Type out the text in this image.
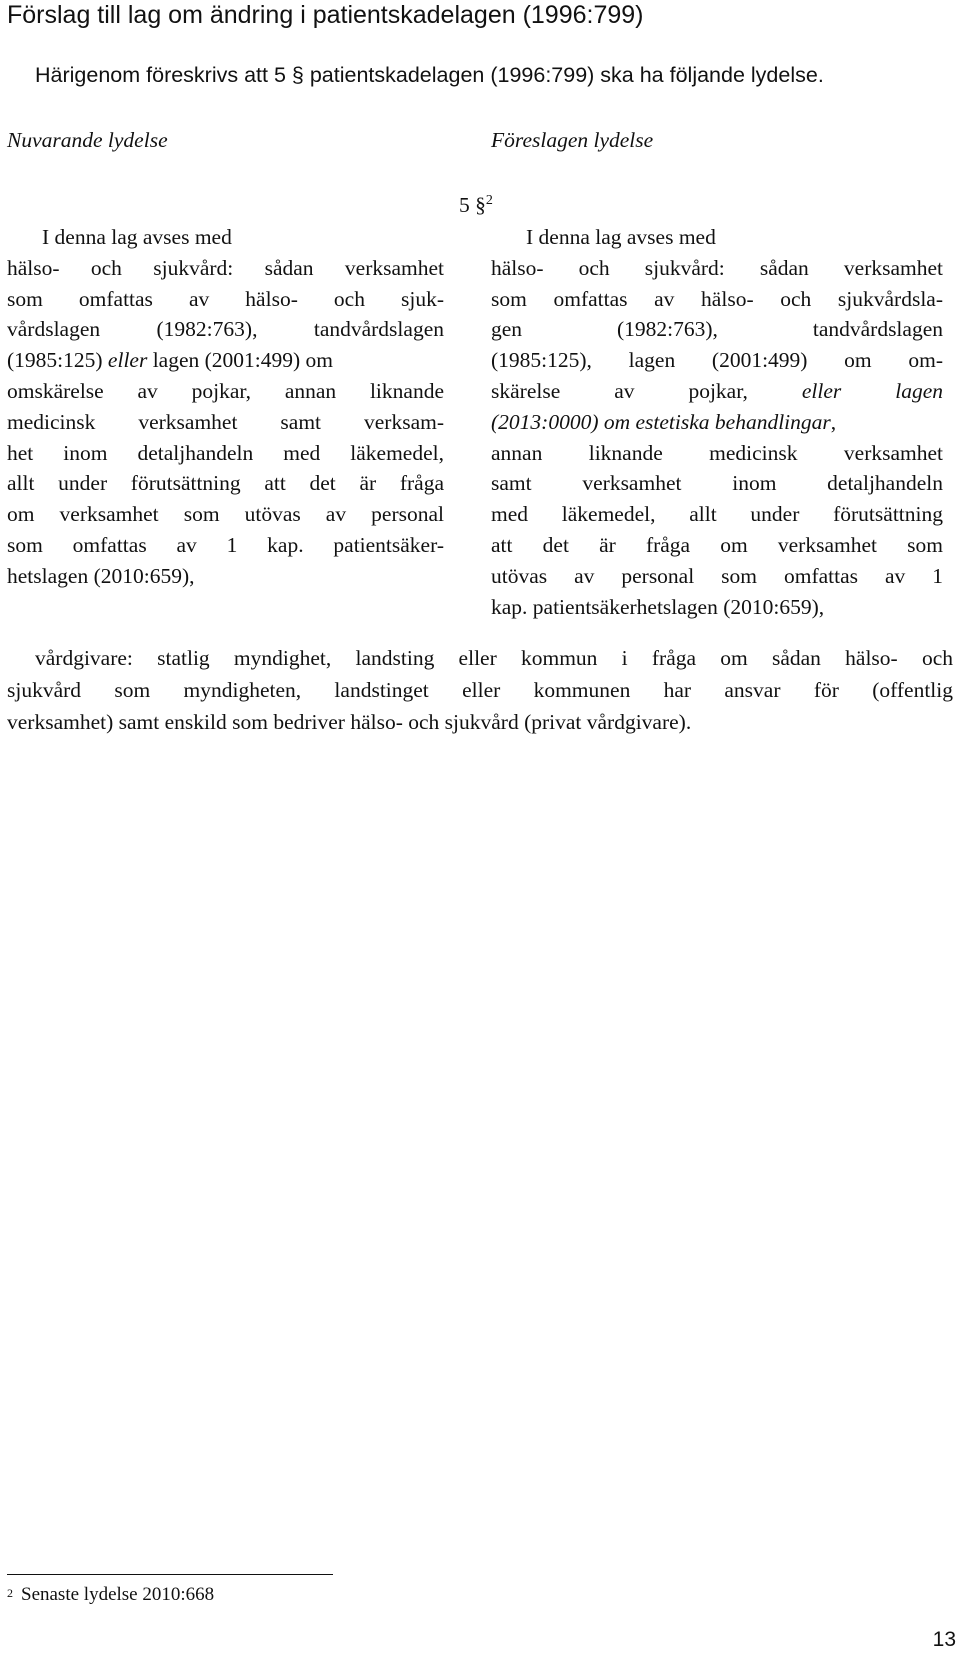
Förslag till lag om ändring i patientskadelagen (1996:799)
Härigenom föreskrivs att 5 § patientskadelagen (1996:799) ska ha följande lydelse.
Nuvarande lydelse	Föreslagen lydelse
5 §$^2$
I denna lag avses med
hälso- och sjukvård: sådan verksamhet
som omfattas av hälso- och sjuk-
vårdslagen (1982:763), tandvårdslagen
(1985:125) eller lagen (2001:499) om
omskärelse av pojkar, annan liknande
medicinsk verksamhet samt verksam-
het inom detaljhandeln med läkemedel,
allt under förutsättning att det är fråga
om verksamhet som utövas av personal
som omfattas av 1 kap. patientsäker-
hetslagen (2010:659),
I denna lag avses med
hälso- och sjukvård: sådan verksamhet
som omfattas av hälso- och sjukvårdsla-
gen (1982:763), tandvårdslagen
(1985:125), lagen (2001:499) om om-
skärelse av pojkar, eller lagen
(2013:0000) om estetiska behandlingar,
annan liknande medicinsk verksamhet
samt verksamhet inom detaljhandeln
med läkemedel, allt under förutsättning
att det är fråga om verksamhet som
utövas av personal som omfattas av 1
kap. patientsäkerhetslagen (2010:659),
vårdgivare: statlig myndighet, landsting eller kommun i fråga om sådan hälso- och
sjukvård som myndigheten, landstinget eller kommunen har ansvar för (offentlig
verksamhet) samt enskild som bedriver hälso- och sjukvård (privat vårdgivare).
$^2$ Senaste lydelse 2010:668
13
